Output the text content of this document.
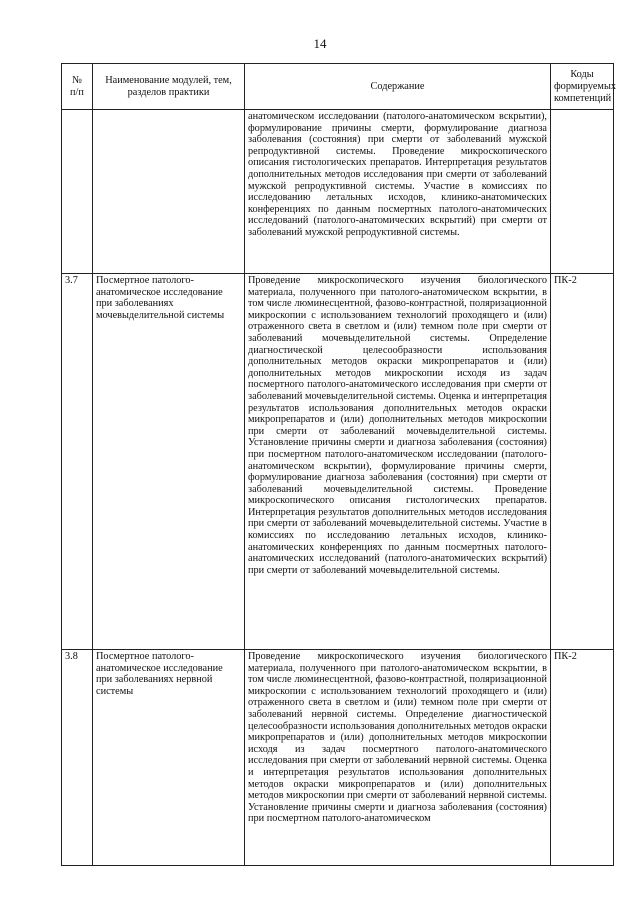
14
№
п/п	Наименование модулей, тем, разделов практики	Содержание	Коды формируемых компетенций
		анатомическом исследовании (патолого-анатомическом вскрытии), формулирование причины смерти, формулирование диагноза заболевания (состояния) при смерти от заболеваний мужской репродуктивной системы. Проведение микроскопического описания гистологических препаратов. Интерпретация результатов дополнительных методов исследования при смерти от заболеваний мужской репродуктивной системы. Участие в комиссиях по исследованию летальных исходов, клинико-анатомических конференциях по данным посмертных патолого-анатомических исследований (патолого-анатомических вскрытий) при смерти от заболеваний мужской репродуктивной системы.	
3.7	Посмертное патолого-анатомическое исследование при заболеваниях мочевыделительной системы	Проведение микроскопического изучения биологического материала, полученного при патолого-анатомическом вскрытии, в том числе люминесцентной, фазово-контрастной, поляризационной микроскопии с использованием технологий проходящего и (или) отраженного света в светлом и (или) темном поле при смерти от заболеваний мочевыделительной системы. Определение диагностической целесообразности использования дополнительных методов окраски микропрепаратов и (или) дополнительных методов микроскопии исходя из задач посмертного патолого-анатомического исследования при смерти от заболеваний мочевыделительной системы. Оценка и интерпретация результатов использования дополнительных методов окраски микропрепаратов и (или) дополнительных методов микроскопии при смерти от заболеваний мочевыделительной системы. Установление причины смерти и диагноза заболевания (состояния) при посмертном патолого-анатомическом исследовании (патолого-анатомическом вскрытии), формулирование причины смерти, формулирование диагноза заболевания (состояния) при смерти от заболеваний мочевыделительной системы. Проведение микроскопического описания гистологических препаратов. Интерпретация результатов дополнительных методов исследования при смерти от заболеваний мочевыделительной системы. Участие в комиссиях по исследованию летальных исходов, клинико-анатомических конференциях по данным посмертных патолого-анатомических исследований (патолого-анатомических вскрытий) при смерти от заболеваний мочевыделительной системы.	ПК-2
3.8	Посмертное патолого-анатомическое исследование при заболеваниях нервной системы	Проведение микроскопического изучения биологического материала, полученного при патолого-анатомическом вскрытии, в том числе люминесцентной, фазово-контрастной, поляризационной микроскопии с использованием технологий проходящего и (или) отраженного света в светлом и (или) темном поле при смерти от заболеваний нервной системы. Определение диагностической целесообразности использования дополнительных методов окраски микропрепаратов и (или) дополнительных методов микроскопии исходя из задач посмертного патолого-анатомического исследования при смерти от заболеваний нервной системы. Оценка и интерпретация результатов использования дополнительных методов окраски микропрепаратов и (или) дополнительных методов микроскопии при смерти от заболеваний нервной системы. Установление причины смерти и диагноза заболевания (состояния) при посмертном патолого-анатомическом	ПК-2
